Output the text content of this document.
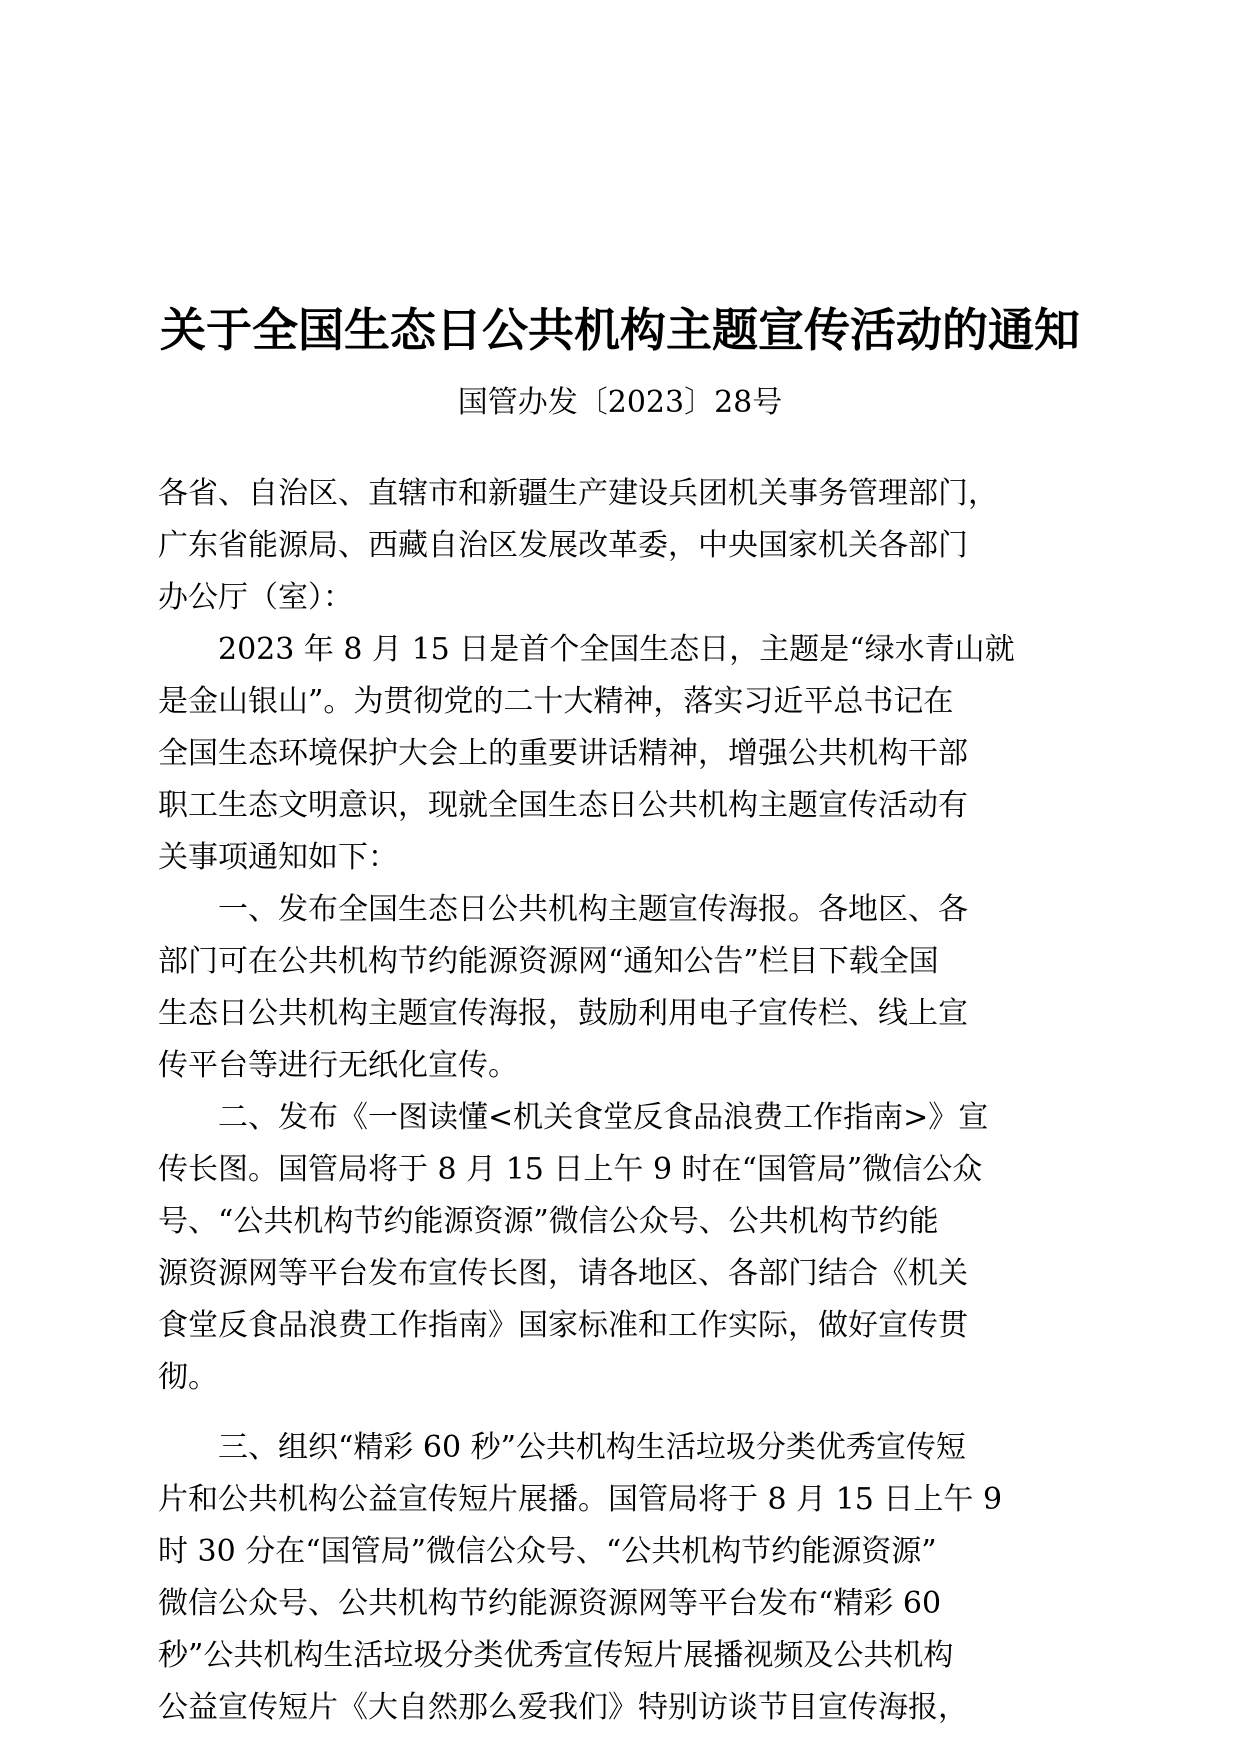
关于全国生态日公共机构主题宣传活动的通知
国管办发〔2023〕28号
各省、自治区、直辖市和新疆生产建设兵团机关事务管理部门，
广东省能源局、西藏自治区发展改革委，中央国家机关各部门
办公厅（室）：
2023 年 8 月 15 日是首个全国生态日，主题是“绿水青山就
是金山银山”。为贯彻党的二十大精神，落实习近平总书记在
全国生态环境保护大会上的重要讲话精神，增强公共机构干部
职工生态文明意识，现就全国生态日公共机构主题宣传活动有
关事项通知如下：
一、发布全国生态日公共机构主题宣传海报。各地区、各
部门可在公共机构节约能源资源网“通知公告”栏目下载全国
生态日公共机构主题宣传海报，鼓励利用电子宣传栏、线上宣
传平台等进行无纸化宣传。
二、发布《一图读懂<机关食堂反食品浪费工作指南>》宣
传长图。国管局将于 8 月 15 日上午 9 时在“国管局”微信公众
号、“公共机构节约能源资源”微信公众号、公共机构节约能
源资源网等平台发布宣传长图，请各地区、各部门结合《机关
食堂反食品浪费工作指南》国家标准和工作实际，做好宣传贯
彻。
三、组织“精彩 60 秒”公共机构生活垃圾分类优秀宣传短
片和公共机构公益宣传短片展播。国管局将于 8 月 15 日上午 9
时 30 分在“国管局”微信公众号、“公共机构节约能源资源”
微信公众号、公共机构节约能源资源网等平台发布“精彩 60
秒”公共机构生活垃圾分类优秀宣传短片展播视频及公共机构
公益宣传短片《大自然那么爱我们》特别访谈节目宣传海报，
